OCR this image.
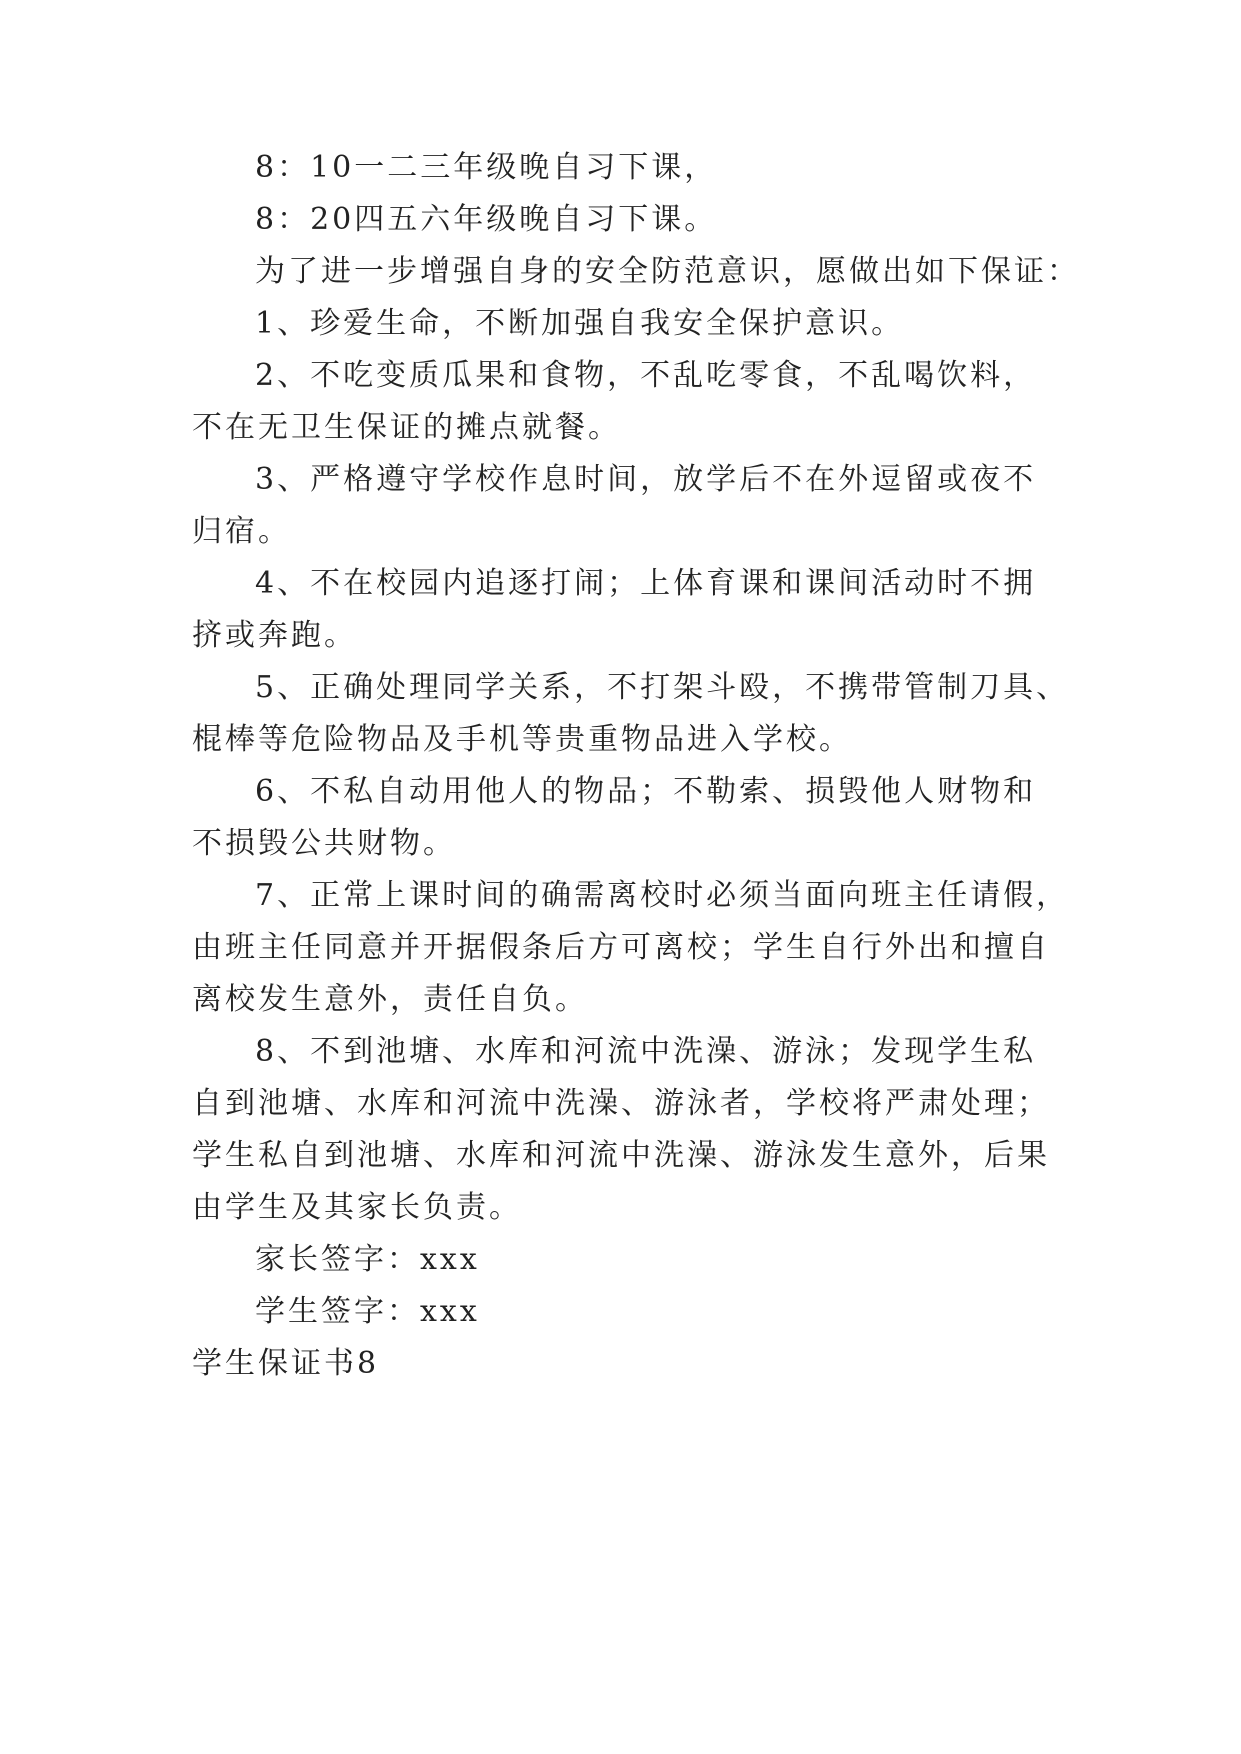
8：10一二三年级晚自习下课，
8：20四五六年级晚自习下课。
为了进一步增强自身的安全防范意识，愿做出如下保证：
1、珍爱生命，不断加强自我安全保护意识。
2、不吃变质瓜果和食物，不乱吃零食，不乱喝饮料，
不在无卫生保证的摊点就餐。
3、严格遵守学校作息时间，放学后不在外逗留或夜不
归宿。
4、不在校园内追逐打闹；上体育课和课间活动时不拥
挤或奔跑。
5、正确处理同学关系，不打架斗殴，不携带管制刀具、
棍棒等危险物品及手机等贵重物品进入学校。
6、不私自动用他人的物品；不勒索、损毁他人财物和
不损毁公共财物。
7、正常上课时间的确需离校时必须当面向班主任请假，
由班主任同意并开据假条后方可离校；学生自行外出和擅自
离校发生意外，责任自负。
8、不到池塘、水库和河流中洗澡、游泳；发现学生私
自到池塘、水库和河流中洗澡、游泳者，学校将严肃处理；
学生私自到池塘、水库和河流中洗澡、游泳发生意外，后果
由学生及其家长负责。
家长签字：xxx
学生签字：xxx
学生保证书8
